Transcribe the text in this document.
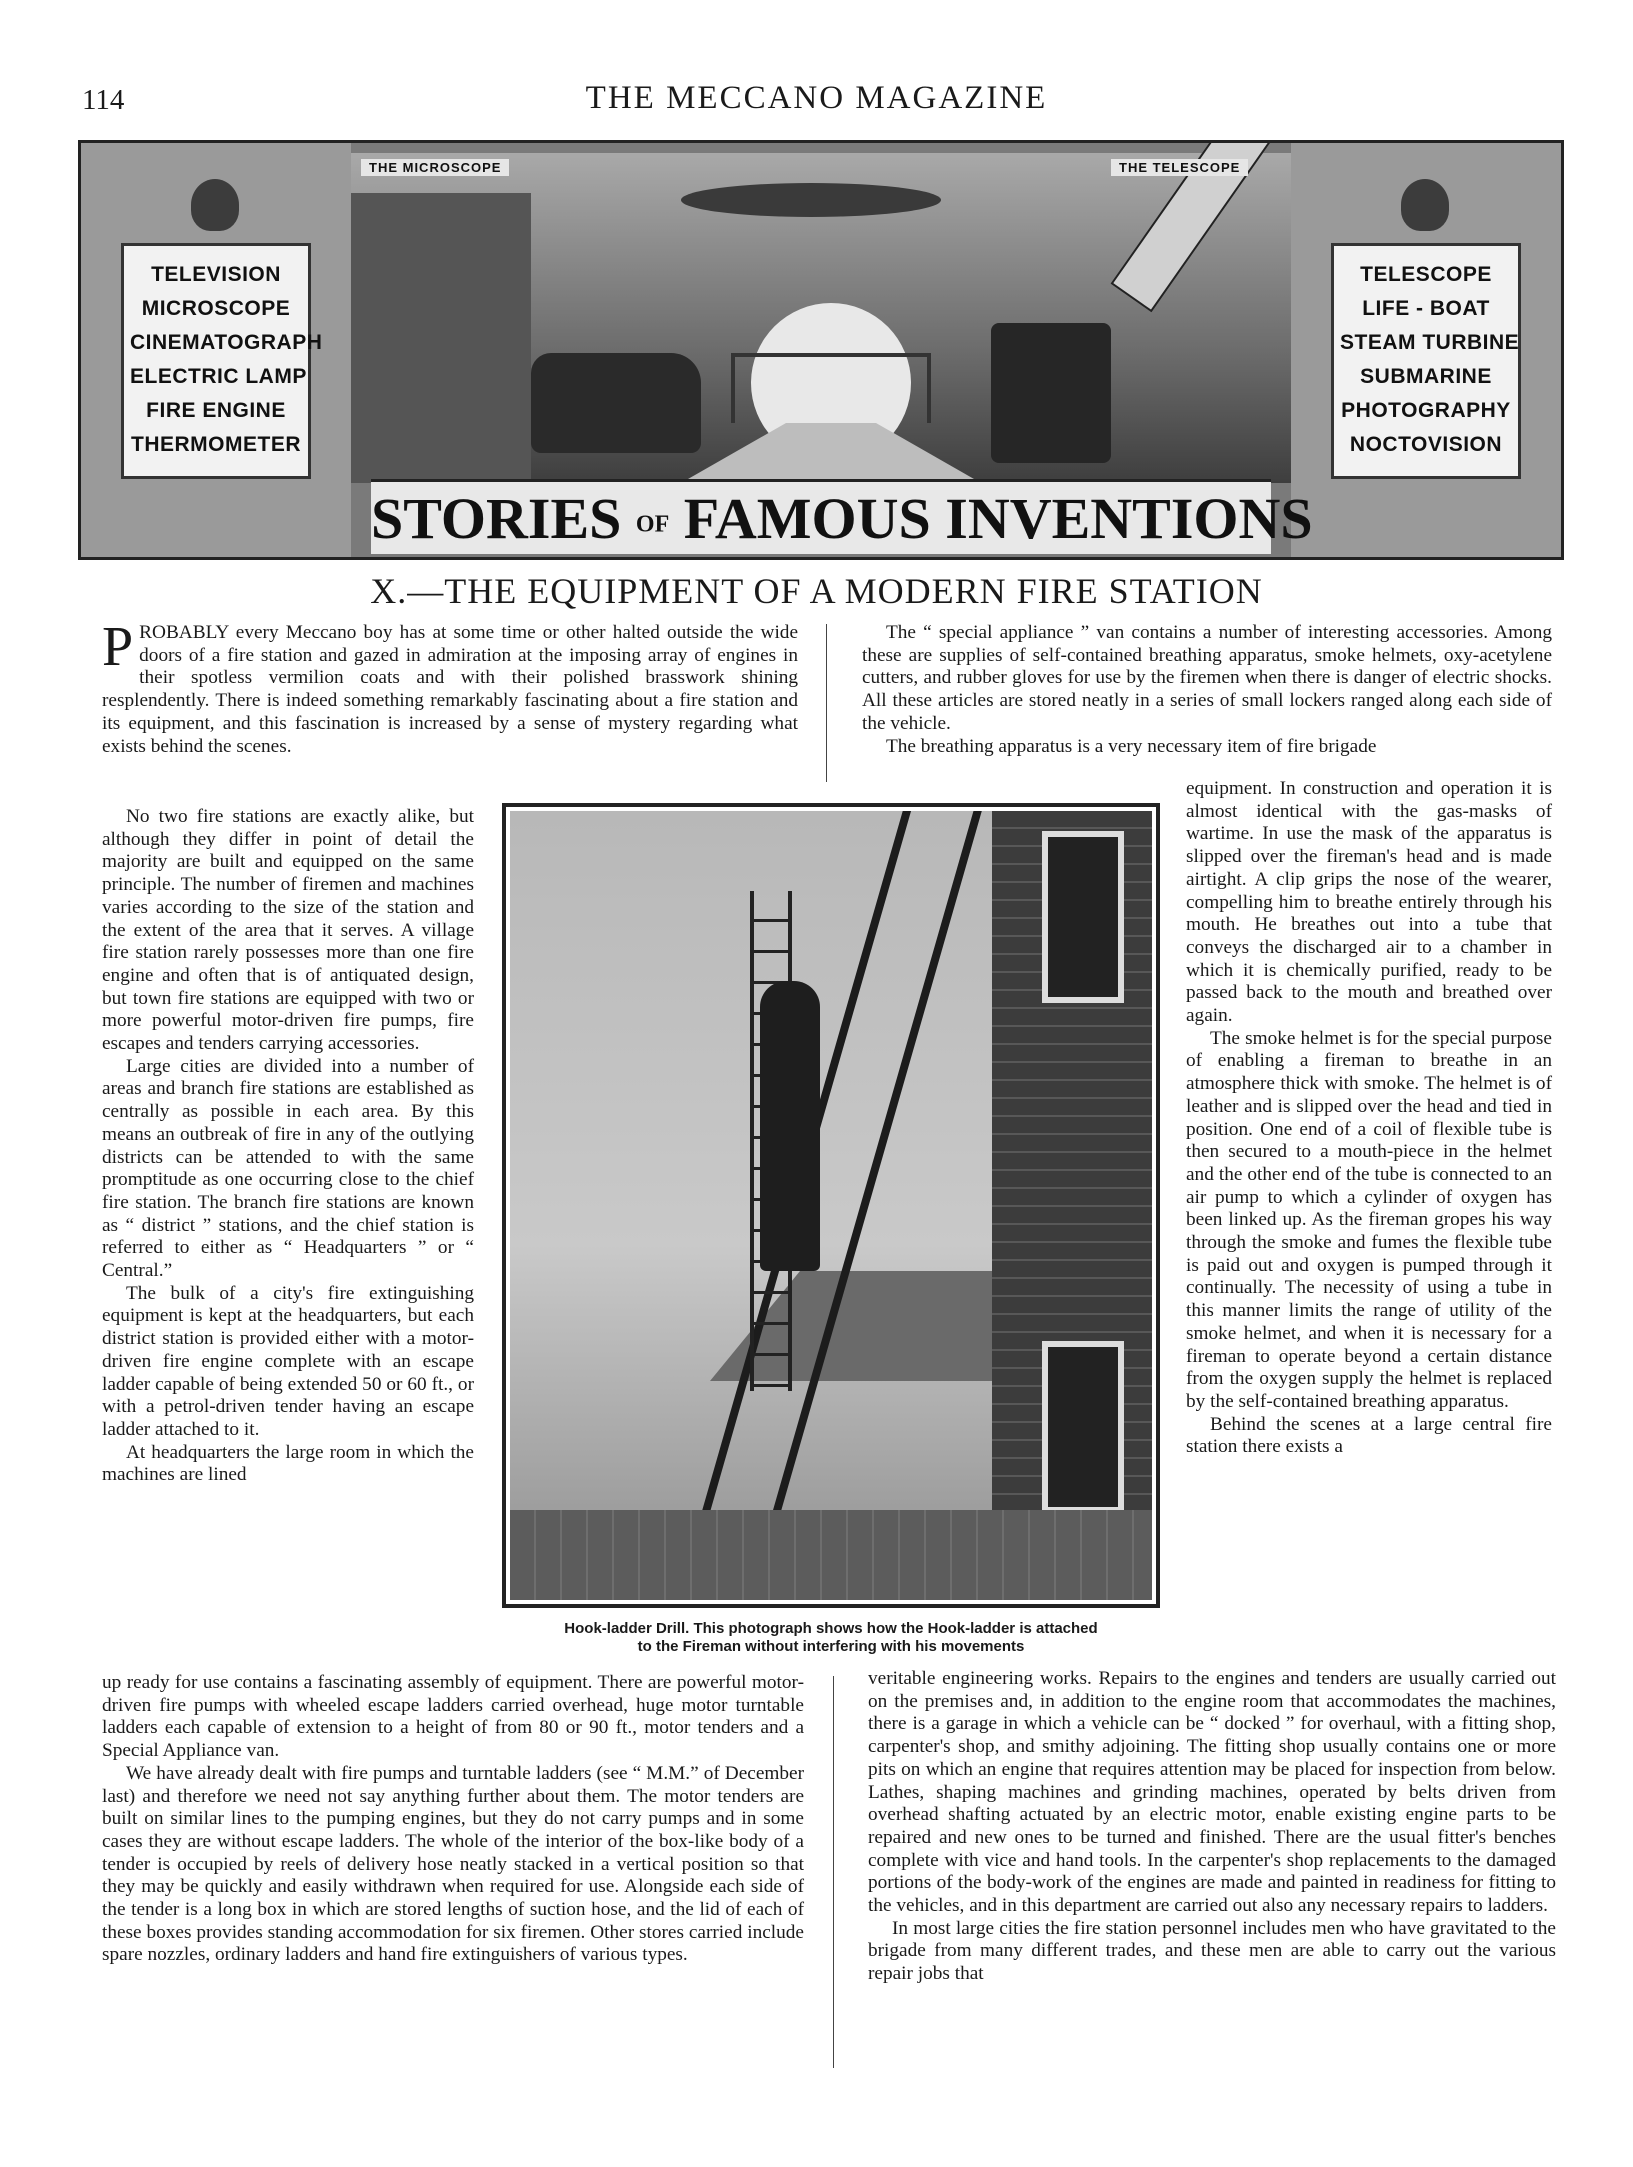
114	THE MECCANO MAGAZINE
THE MICROSCOPE	THE TELESCOPE
TELEVISION
MICROSCOPE
CINEMATOGRAPH
ELECTRIC LAMP
FIRE ENGINE
THERMOMETER
TELESCOPE
LIFE - BOAT
STEAM TURBINE
SUBMARINE
PHOTOGRAPHY
NOCTOVISION
STORIES OF FAMOUS INVENTIONS
X.—THE EQUIPMENT OF A MODERN FIRE STATION

PROBABLY every Meccano boy has at some time or other halted outside the wide doors of a fire station and gazed in admiration at the imposing array of engines in their spotless vermilion coats and with their polished brasswork shining resplendently. There is indeed something remarkably fascinating about a fire station and its equipment, and this fascination is increased by a sense of mystery regarding what exists behind the scenes.

The “ special appliance ” van contains a number of interesting accessories. Among these are supplies of self-contained breathing apparatus, smoke helmets, oxy-acetylene cutters, and rubber gloves for use by the firemen when there is danger of electric shocks. All these articles are stored neatly in a series of small lockers ranged along each side of the vehicle.

The breathing apparatus is a very necessary item of fire brigade

No two fire stations are exactly alike, but although they differ in point of detail the majority are built and equipped on the same principle. The number of firemen and machines varies according to the size of the station and the extent of the area that it serves. A village fire station rarely possesses more than one fire engine and often that is of antiquated design, but town fire stations are equipped with two or more powerful motor-driven fire pumps, fire escapes and tenders carrying accessories.

Large cities are divided into a number of areas and branch fire stations are established as centrally as possible in each area. By this means an outbreak of fire in any of the outlying districts can be attended to with the same promptitude as one occurring close to the chief fire station. The branch fire stations are known as “ district ” stations, and the chief station is referred to either as “ Headquarters ” or “ Central.”

The bulk of a city's fire extinguishing equipment is kept at the headquarters, but each district station is provided either with a motor-driven fire engine complete with an escape ladder capable of being extended 50 or 60 ft., or with a petrol-driven tender having an escape ladder attached to it.

At headquarters the large room in which the machines are lined

Hook-ladder Drill. This photograph shows how the Hook-ladder is attached
to the Fireman without interfering with his movements

equipment. In construction and operation it is almost identical with the gas-masks of wartime. In use the mask of the apparatus is slipped over the fireman's head and is made airtight. A clip grips the nose of the wearer, compelling him to breathe entirely through his mouth. He breathes out into a tube that conveys the discharged air to a chamber in which it is chemically purified, ready to be passed back to the mouth and breathed over again.

The smoke helmet is for the special purpose of enabling a fireman to breathe in an atmosphere thick with smoke. The helmet is of leather and is slipped over the head and tied in position. One end of a coil of flexible tube is then secured to a mouth-piece in the helmet and the other end of the tube is connected to an air pump to which a cylinder of oxygen has been linked up. As the fireman gropes his way through the smoke and fumes the flexible tube is paid out and oxygen is pumped through it continually. The necessity of using a tube in this manner limits the range of utility of the smoke helmet, and when it is necessary for a fireman to operate beyond a certain distance from the oxygen supply the helmet is replaced by the self-contained breathing apparatus.

Behind the scenes at a large central fire station there exists a

up ready for use contains a fascinating assembly of equipment. There are powerful motor-driven fire pumps with wheeled escape ladders carried overhead, huge motor turntable ladders each capable of extension to a height of from 80 or 90 ft., motor tenders and a Special Appliance van.

We have already dealt with fire pumps and turntable ladders (see “ M.M.” of December last) and therefore we need not say anything further about them. The motor tenders are built on similar lines to the pumping engines, but they do not carry pumps and in some cases they are without escape ladders. The whole of the interior of the box-like body of a tender is occupied by reels of delivery hose neatly stacked in a vertical position so that they may be quickly and easily withdrawn when required for use. Alongside each side of the tender is a long box in which are stored lengths of suction hose, and the lid of each of these boxes provides standing accommodation for six firemen. Other stores carried include spare nozzles, ordinary ladders and hand fire extinguishers of various types.

veritable engineering works. Repairs to the engines and tenders are usually carried out on the premises and, in addition to the engine room that accommodates the machines, there is a garage in which a vehicle can be “ docked ” for overhaul, with a fitting shop, carpenter's shop, and smithy adjoining. The fitting shop usually contains one or more pits on which an engine that requires attention may be placed for inspection from below. Lathes, shaping machines and grinding machines, operated by belts driven from overhead shafting actuated by an electric motor, enable existing engine parts to be repaired and new ones to be turned and finished. There are the usual fitter's benches complete with vice and hand tools. In the carpenter's shop replacements to the damaged portions of the body-work of the engines are made and painted in readiness for fitting to the vehicles, and in this department are carried out also any necessary repairs to ladders.

In most large cities the fire station personnel includes men who have gravitated to the brigade from many different trades, and these men are able to carry out the various repair jobs that
